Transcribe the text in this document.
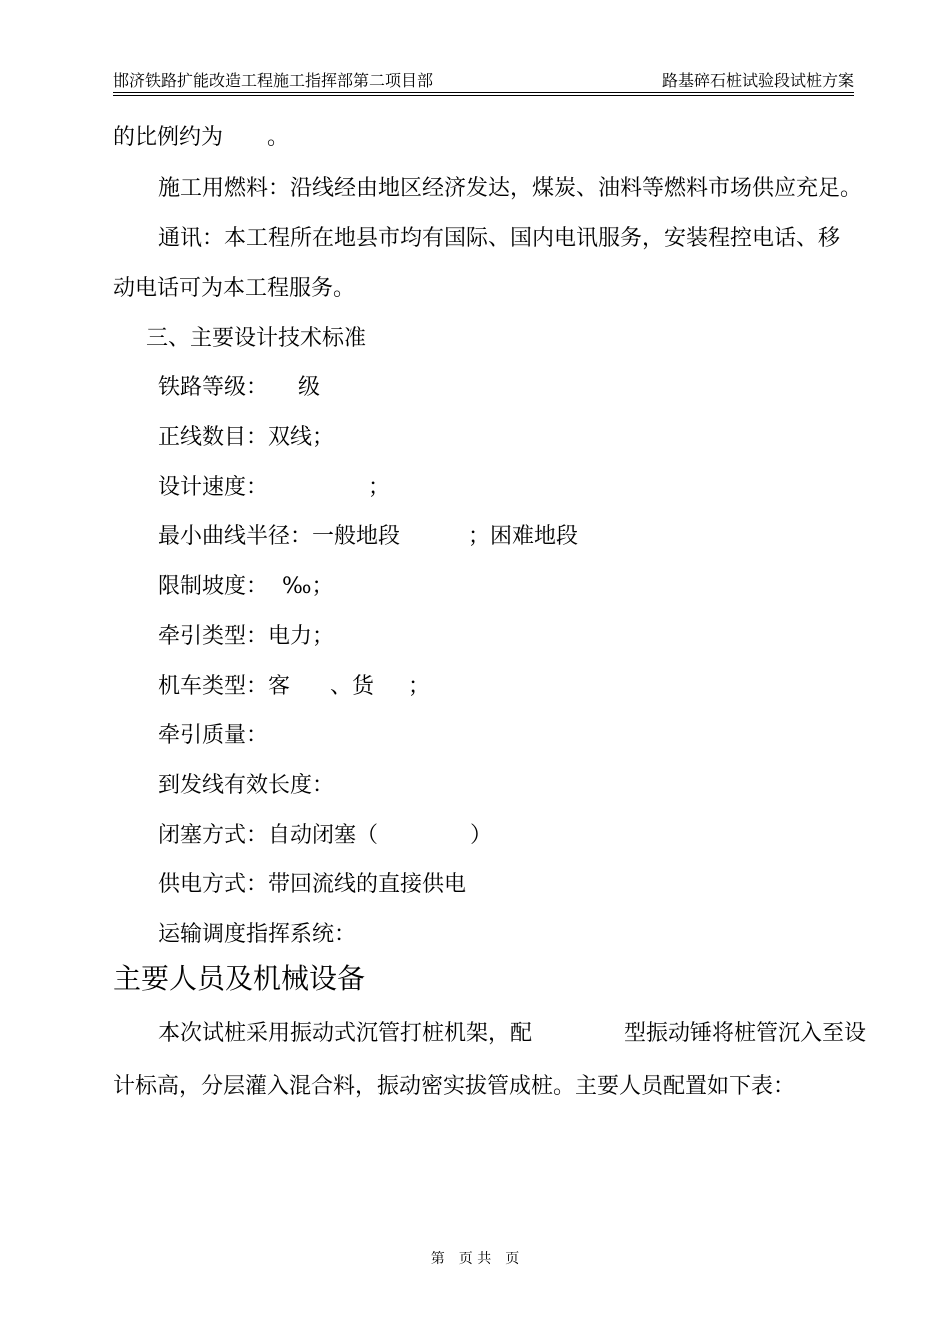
邯济铁路扩能改造工程施工指挥部第二项目部	路基碎石桩试验段试桩方案
的比例约为 。
施工用燃料：沿线经由地区经济发达，煤炭、油料等燃料市场供应充足。
通讯：本工程所在地县市均有国际、国内电讯服务，安装程控电话、移
动电话可为本工程服务。
三、主要设计技术标准
铁路等级： 级
正线数目：双线；
设计速度：	；
最小曲线半径：一般地段	；困难地段
限制坡度： ‰；
牵引类型：电力；
机车类型：客 、货 ；
牵引质量：
到发线有效长度：
闭塞方式：自动闭塞（	）
供电方式：带回流线的直接供电
运输调度指挥系统：
主要人员及机械设备
本次试桩采用振动式沉管打桩机架，配	型振动锤将桩管沉入至设
计标高，分层灌入混合料，振动密实拔管成桩。主要人员配置如下表：
第　页 共　页
